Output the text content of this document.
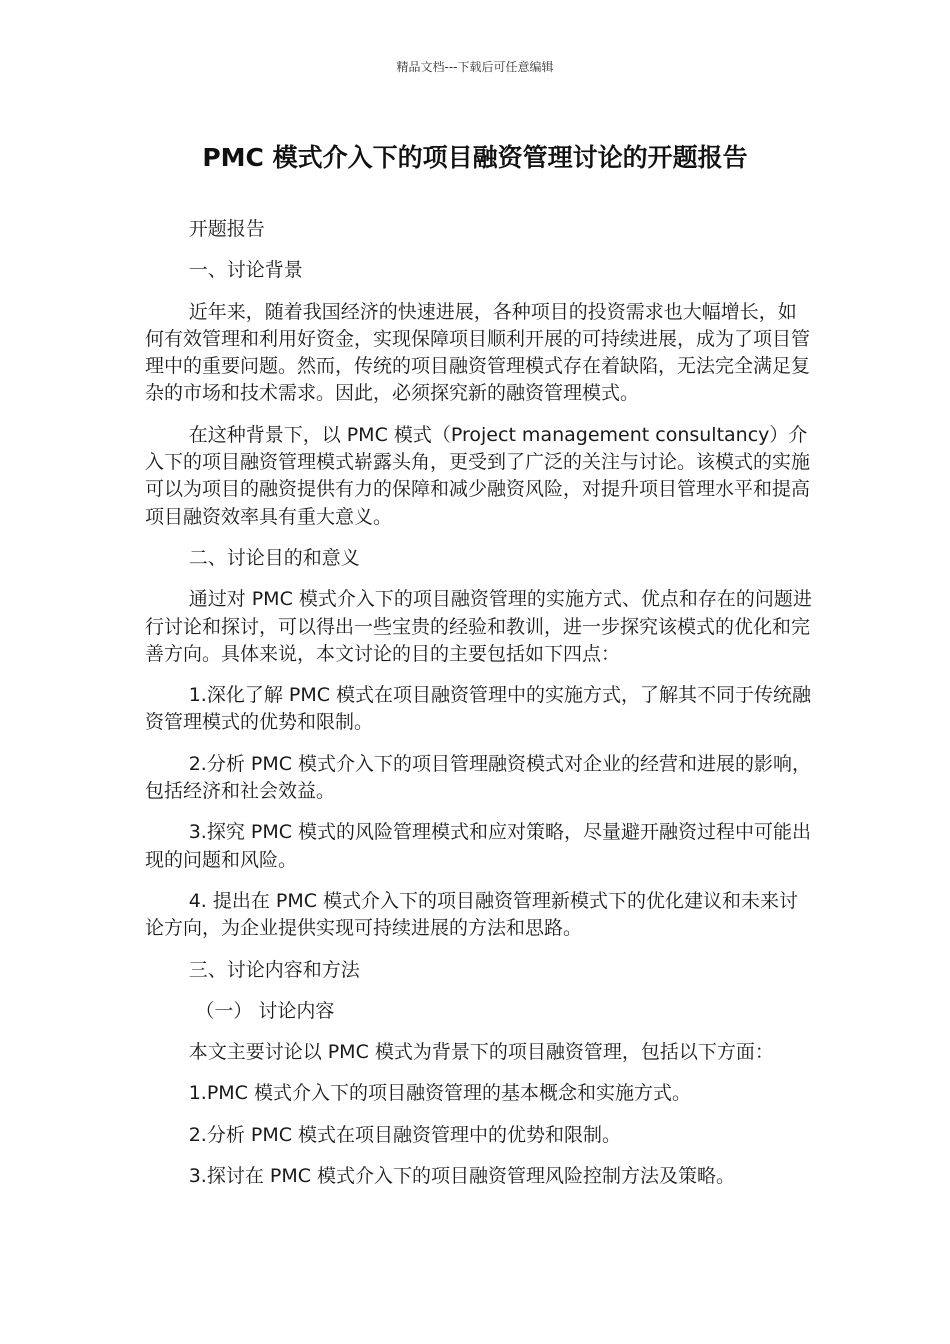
精品文档---下载后可任意编辑
PMC 模式介入下的项目融资管理讨论的开题报告

开题报告

一、讨论背景

近年来，随着我国经济的快速进展，各种项目的投资需求也大幅增长，如何有效管理和利用好资金，实现保障项目顺利开展的可持续进展，成为了项目管理中的重要问题。然而，传统的项目融资管理模式存在着缺陷，无法完全满足复杂的市场和技术需求。因此，必须探究新的融资管理模式。

在这种背景下，以 PMC 模式（Project management consultancy）介入下的项目融资管理模式崭露头角，更受到了广泛的关注与讨论。该模式的实施可以为项目的融资提供有力的保障和减少融资风险，对提升项目管理水平和提高项目融资效率具有重大意义。

二、讨论目的和意义

通过对 PMC 模式介入下的项目融资管理的实施方式、优点和存在的问题进行讨论和探讨，可以得出一些宝贵的经验和教训，进一步探究该模式的优化和完善方向。具体来说，本文讨论的目的主要包括如下四点：

1.深化了解 PMC 模式在项目融资管理中的实施方式，了解其不同于传统融资管理模式的优势和限制。

2.分析 PMC 模式介入下的项目管理融资模式对企业的经营和进展的影响，包括经济和社会效益。

3.探究 PMC 模式的风险管理模式和应对策略，尽量避开融资过程中可能出现的问题和风险。

4. 提出在 PMC 模式介入下的项目融资管理新模式下的优化建议和未来讨论方向，为企业提供实现可持续进展的方法和思路。

三、讨论内容和方法

（一） 讨论内容

本文主要讨论以 PMC 模式为背景下的项目融资管理，包括以下方面：

1.PMC 模式介入下的项目融资管理的基本概念和实施方式。

2.分析 PMC 模式在项目融资管理中的优势和限制。

3.探讨在 PMC 模式介入下的项目融资管理风险控制方法及策略。
